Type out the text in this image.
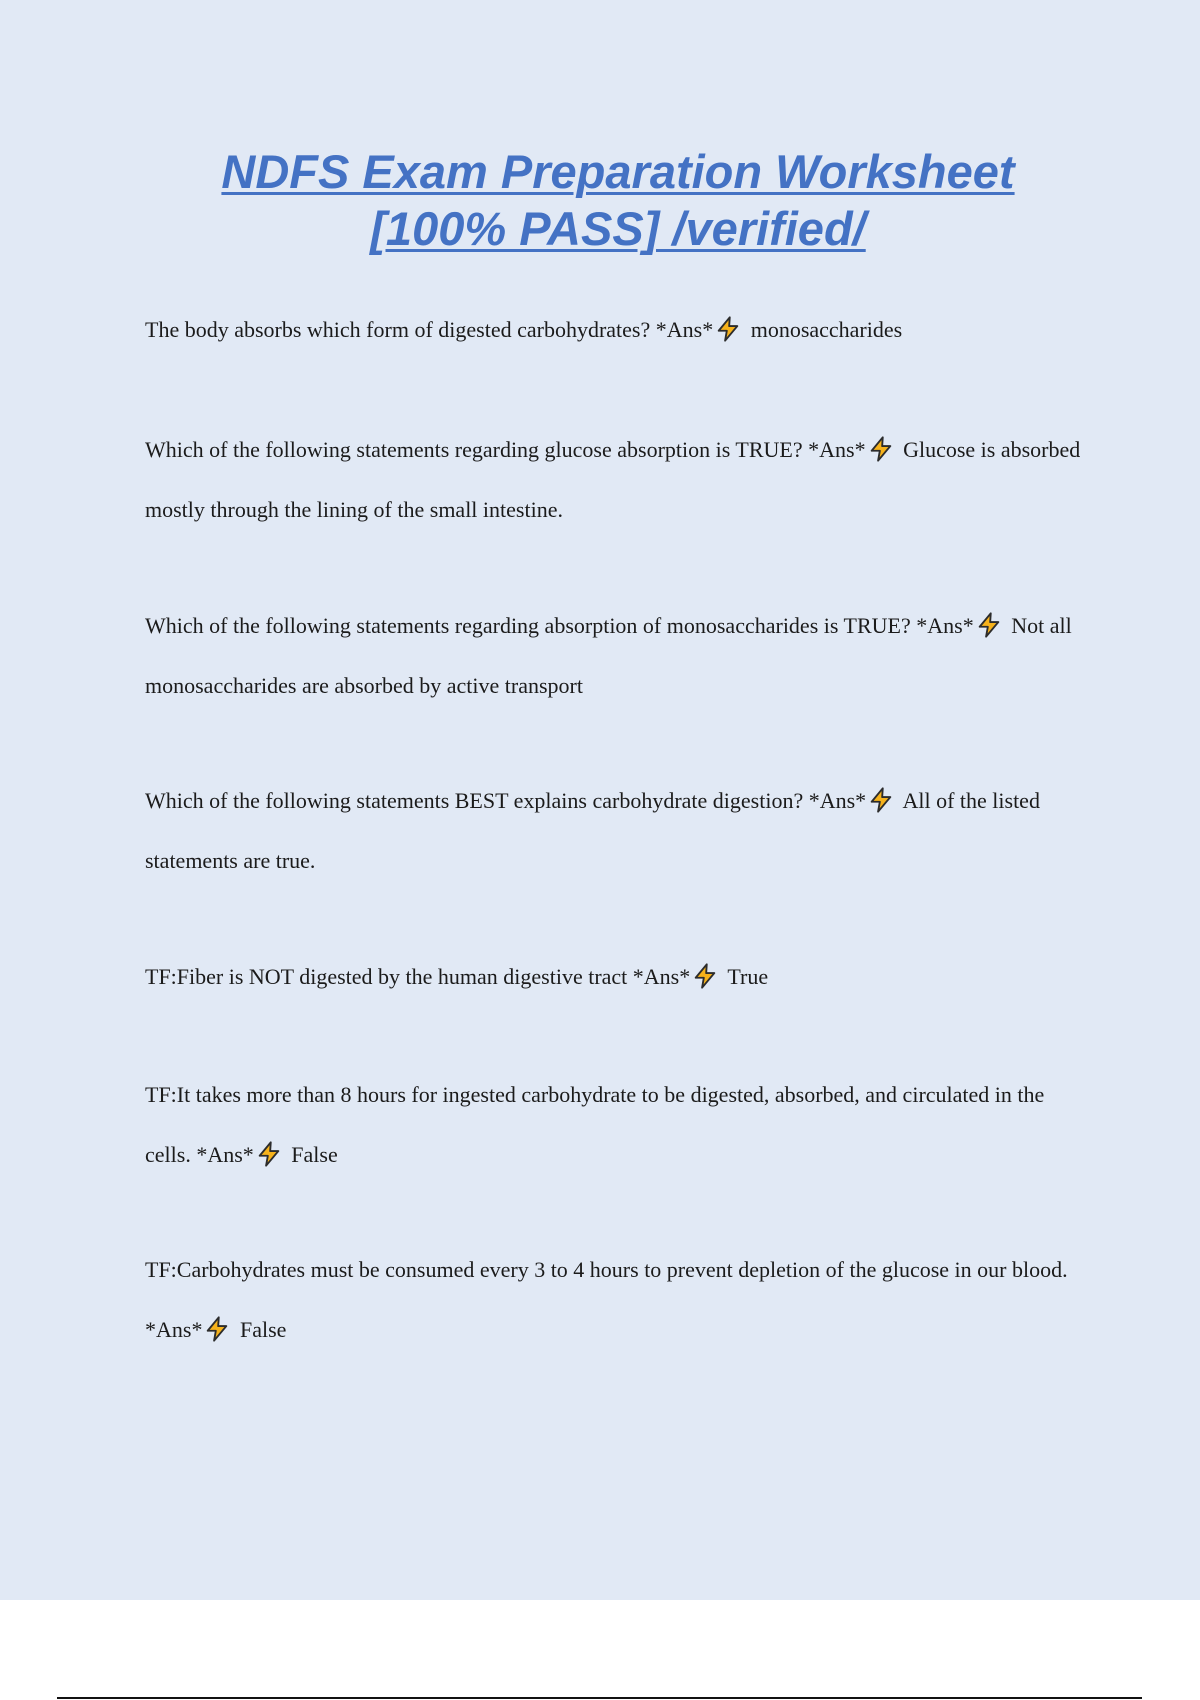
NDFS Exam Preparation Worksheet [100% PASS] /verified/

The body absorbs which form of digested carbohydrates? *Ans* monosaccharides

Which of the following statements regarding glucose absorption is TRUE? *Ans* Glucose is absorbed mostly through the lining of the small intestine.

Which of the following statements regarding absorption of monosaccharides is TRUE? *Ans* Not all monosaccharides are absorbed by active transport

Which of the following statements BEST explains carbohydrate digestion? *Ans* All of the listed statements are true.

TF:Fiber is NOT digested by the human digestive tract *Ans* True

TF:It takes more than 8 hours for ingested carbohydrate to be digested, absorbed, and circulated in the cells. *Ans* False

TF:Carbohydrates must be consumed every 3 to 4 hours to prevent depletion of the glucose in our blood. *Ans* False
